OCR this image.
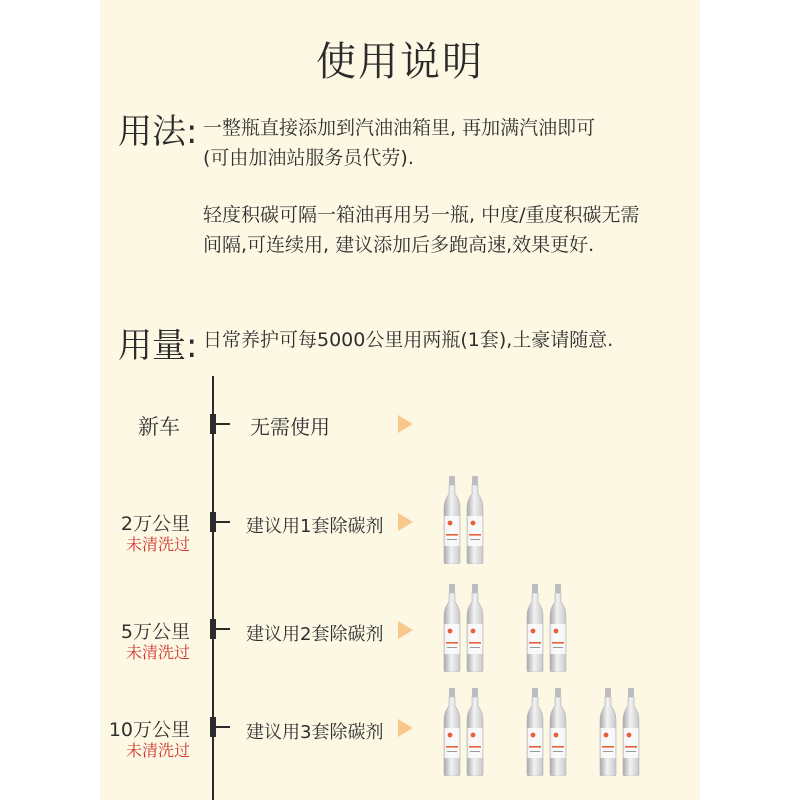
使用说明
用法: 一整瓶直接添加到汽油油箱里, 再加满汽油即可
(可由加油站服务员代劳).
轻度积碳可隔一箱油再用另一瓶, 中度/重度积碳无需
间隔,可连续用, 建议添加后多跑高速,效果更好.
用量: 日常养护可每5000公里用两瓶(1套),土豪请随意.
新车	无需使用
2万公里
未清洗过
建议用1套除碳剂
5万公里
未清洗过
建议用2套除碳剂
10万公里
未清洗过
建议用3套除碳剂
